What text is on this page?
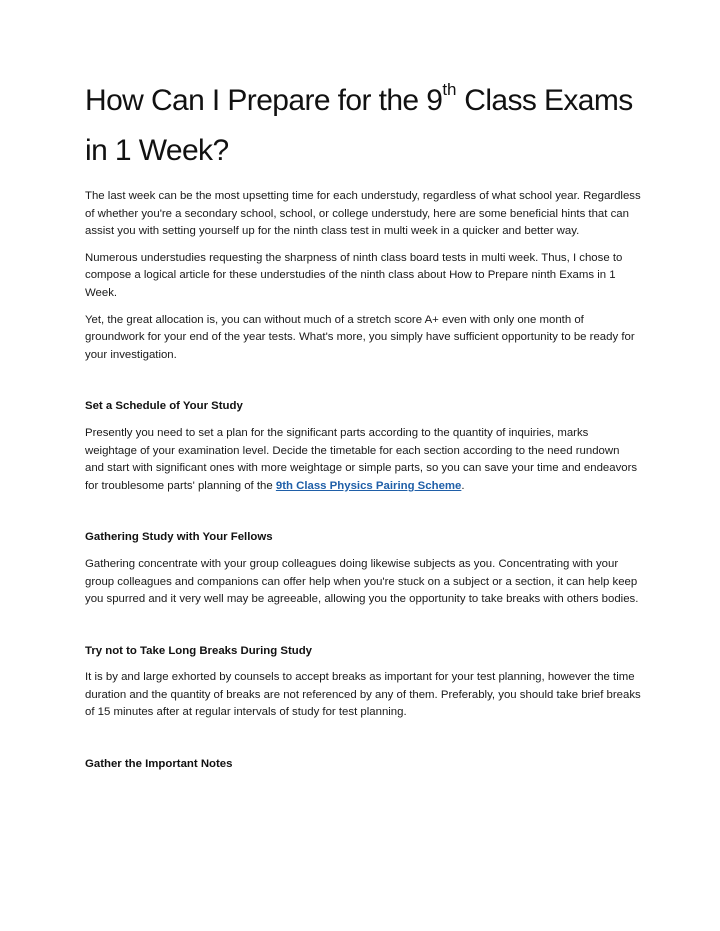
How Can I Prepare for the 9th Class Exams in 1 Week?

The last week can be the most upsetting time for each understudy, regardless of what school year. Regardless of whether you're a secondary school, school, or college understudy, here are some beneficial hints that can assist you with setting yourself up for the ninth class test in multi week in a quicker and better way.

Numerous understudies requesting the sharpness of ninth class board tests in multi week. Thus, I chose to compose a logical article for these understudies of the ninth class about How to Prepare ninth Exams in 1 Week.

Yet, the great allocation is, you can without much of a stretch score A+ even with only one month of groundwork for your end of the year tests. What's more, you simply have sufficient opportunity to be ready for your investigation.

Set a Schedule of Your Study

Presently you need to set a plan for the significant parts according to the quantity of inquiries, marks weightage of your examination level. Decide the timetable for each section according to the need rundown and start with significant ones with more weightage or simple parts, so you can save your time and endeavors for troublesome parts' planning of the 9th Class Physics Pairing Scheme.

Gathering Study with Your Fellows

Gathering concentrate with your group colleagues doing likewise subjects as you. Concentrating with your group colleagues and companions can offer help when you're stuck on a subject or a section, it can help keep you spurred and it very well may be agreeable, allowing you the opportunity to take breaks with others bodies.

Try not to Take Long Breaks During Study

It is by and large exhorted by counsels to accept breaks as important for your test planning, however the time duration and the quantity of breaks are not referenced by any of them. Preferably, you should take brief breaks of 15 minutes after at regular intervals of study for test planning.

Gather the Important Notes
